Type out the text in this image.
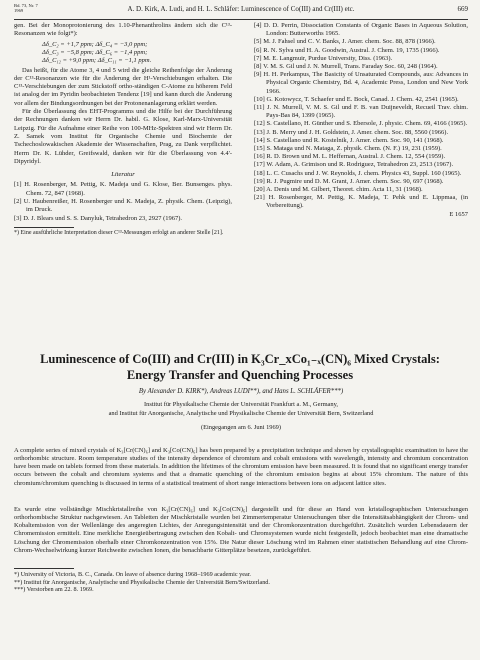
Bd. 73, Nr. 7
1969	A. D. Kirk, A. Ludi, and H. L. Schläfer: Luminescence of Co(III) and Cr(III) etc.	669

gen. Bei der Monoprotonierung des 1.10-Phenanthrolins ändern sich die C¹³-Resonanzen wie folgt*):

Δδ_C₂ = +1,7 ppm; Δδ_C₄ = −3,0 ppm;
Δδ_C₃ = −5,8 ppm; Δδ_C₆ = −1,4 ppm;
Δδ_C₁₂ = +9,0 ppm; Δδ_C₁₁ = −1,1 ppm.

Das heißt, für die Atome 3, 4 und 5 wird die gleiche Reihenfolge der Änderung der C¹³-Resonanzen wie für die Änderung der H¹-Verschiebungen erhalten. Die C¹³-Verschiebungen der zum Stickstoff ortho-ständigen C-Atome zu höherem Feld ist analog der im Pyridin beobachteten Tendenz [19] und kann durch die Änderung vor allem der Bindungsordnungen bei der Protonenanlagerung erklärt werden.

Für die Überlassung des EHT-Programms und die Hilfe bei der Durchführung der Rechnungen danken wir Herrn Dr. habil. G. Klose, Karl-Marx-Universität Leipzig. Für die Aufnahme einer Reihe von 100-MHz-Spektren sind wir Herrn Dr. Z. Samek vom Institut für Organische Chemie und Biochemie der Tschechoslowakischen Akademie der Wissenschaften, Prag, zu Dank verpflichtet. Herrn Dr. K. Lühder, Greifswald, danken wir für die Überlassung von 4.4'-Dipyridyl.

Literatur

[1] H. Rosenberger, M. Pettig, K. Madeja und G. Klose, Ber. Bunsenges. phys. Chem. 72, 847 (1968).

[2] U. Haubenreißer, H. Rosenberger und K. Madeja, Z. physik. Chem. (Leipzig), im Druck.

[3] D. J. Blears und S. S. Danyluk, Tetrahedron 23, 2927 (1967).

*) Eine ausführliche Interpretation dieser C¹³-Messungen erfolgt an anderer Stelle [21].

[4] D. D. Perrin, Dissociation Constants of Organic Bases in Aqueous Solution, London: Butterworths 1965.

[5] M. J. Fahsel und C. V. Banks, J. Amer. chem. Soc. 88, 878 (1966).

[6] R. N. Sylva und H. A. Goodwin, Austral. J. Chem. 19, 1735 (1966).

[7] M. E. Langmuir, Purdue University, Diss. (1963).

[8] V. M. S. Gil und J. N. Murrell, Trans. Faraday Soc. 60, 248 (1964).

[9] H. H. Perkampus, The Basicity of Unsaturated Compounds, aus: Advances in Physical Organic Chemistry, Bd. 4, Academic Press, London und New York 1966.

[10] G. Kotowycz, T. Schaefer und E. Bock, Canad. J. Chem. 42, 2541 (1965).

[11] J. N. Murrell, V. M. S. Gil und F. B. van Duijneveldt, Recueil Trav. chim. Pays-Bas 84, 1399 (1965).

[12] S. Castellano, H. Günther und S. Ebersole, J. physic. Chem. 69, 4166 (1965).

[13] J. B. Merry und J. H. Goldstein, J. Amer. chem. Soc. 88, 5560 (1966).

[14] S. Castellano und R. Kostelnik, J. Amer. chem. Soc. 90, 141 (1968).

[15] S. Mataga und N. Mataga, Z. physik. Chem. (N. F.) 19, 231 (1959).

[16] R. D. Brown und M. L. Heffernan, Austral. J. Chem. 12, 554 (1959).

[17] W. Adam, A. Grimison und R. Rodriguez, Tetrahedron 23, 2513 (1967).

[18] L. C. Cusachs und J. W. Reynolds, J. chem. Physics 43, Suppl. 160 (1965).

[19] R. J. Pugmire und D. M. Grant, J. Amer. chem. Soc. 90, 697 (1968).

[20] A. Denis und M. Gilbert, Theoret. chim. Acta 11, 31 (1968).

[21] H. Rosenberger, M. Pettig, K. Madeja, T. Pehk und E. Lippmaa, (in Vorbereitung).

E 1657
Luminescence of Co(III) and Cr(III) in K₃Cr_xCo₁₋ₓ(CN)₆ Mixed Crystals:
Energy Transfer and Quenching Processes
By Alexander D. KIRK*), Andreas LUDI**), and Hans L. SCHLÄFER***)
Institut für Physikalische Chemie der Universität Frankfurt a. M., Germany,
and Institut für Anorganische, Analytische und Physikalische Chemie der Universität Bern, Switzerland
(Eingegangen am 6. Juni 1969)

A complete series of mixed crystals of K₃[Cr(CN)₆] and K₃[Co(CN)₆] has been prepared by a precipitation technique and shown by crystallographic examination to have the orthorhombic structure. Room temperature studies of the intensity dependence of chromium and cobalt emissions with wavelength, intensity and chromium concentration have been made on tablets formed from these materials. In addition the lifetimes of the chromium emission have been measured. It is found that no significant energy transfer occurs between the cobalt and chromium systems and that a dramatic quenching of the chromium emission begins at about 15% chromium. The nature of this chromium/chromium quenching is discussed in terms of a statistical treatment of short range interactions between ions on adjacent lattice sites.

Es wurde eine vollständige Mischkristallreihe von K₃[Cr(CN)₆] und K₃[Co(CN)₆] dargestellt und für diese an Hand von kristallographischen Untersuchungen orthorhombische Struktur nachgewiesen. An Tabletten der Mischkristalle wurden bei Zimmertemperatur Untersuchungen über die Intensitätsabhängigkeit der Chrom- und Kobaltemission von der Wellenlänge des angeregten Lichtes, der Anregungsintensität und der Chromkonzentration durchgeführt. Zusätzlich wurden Lebensdauern der Chromemission ermittelt. Eine merkliche Energieübertragung zwischen den Kobalt- und Chromsystemen wurde nicht festgestellt, jedoch beobachtet man eine dramatische Löschung der Chromemission oberhalb einer Chromkonzentration von 15%. Die Natur dieser Löschung wird im Rahmen einer statistischen Behandlung auf eine Chrom-Chrom-Wechselwirkung kurzer Reichweite zwischen Ionen, die benachbarte Gitterplätze besetzen, zurückgeführt.

*) University of Victoria, B. C., Canada. On leave of absence during 1968–1969 academic year.
**) Institut für Anorganische, Analytische und Physikalische Chemie der Universität Bern/Switzerland.
***) Verstorben am 22. 8. 1969.
